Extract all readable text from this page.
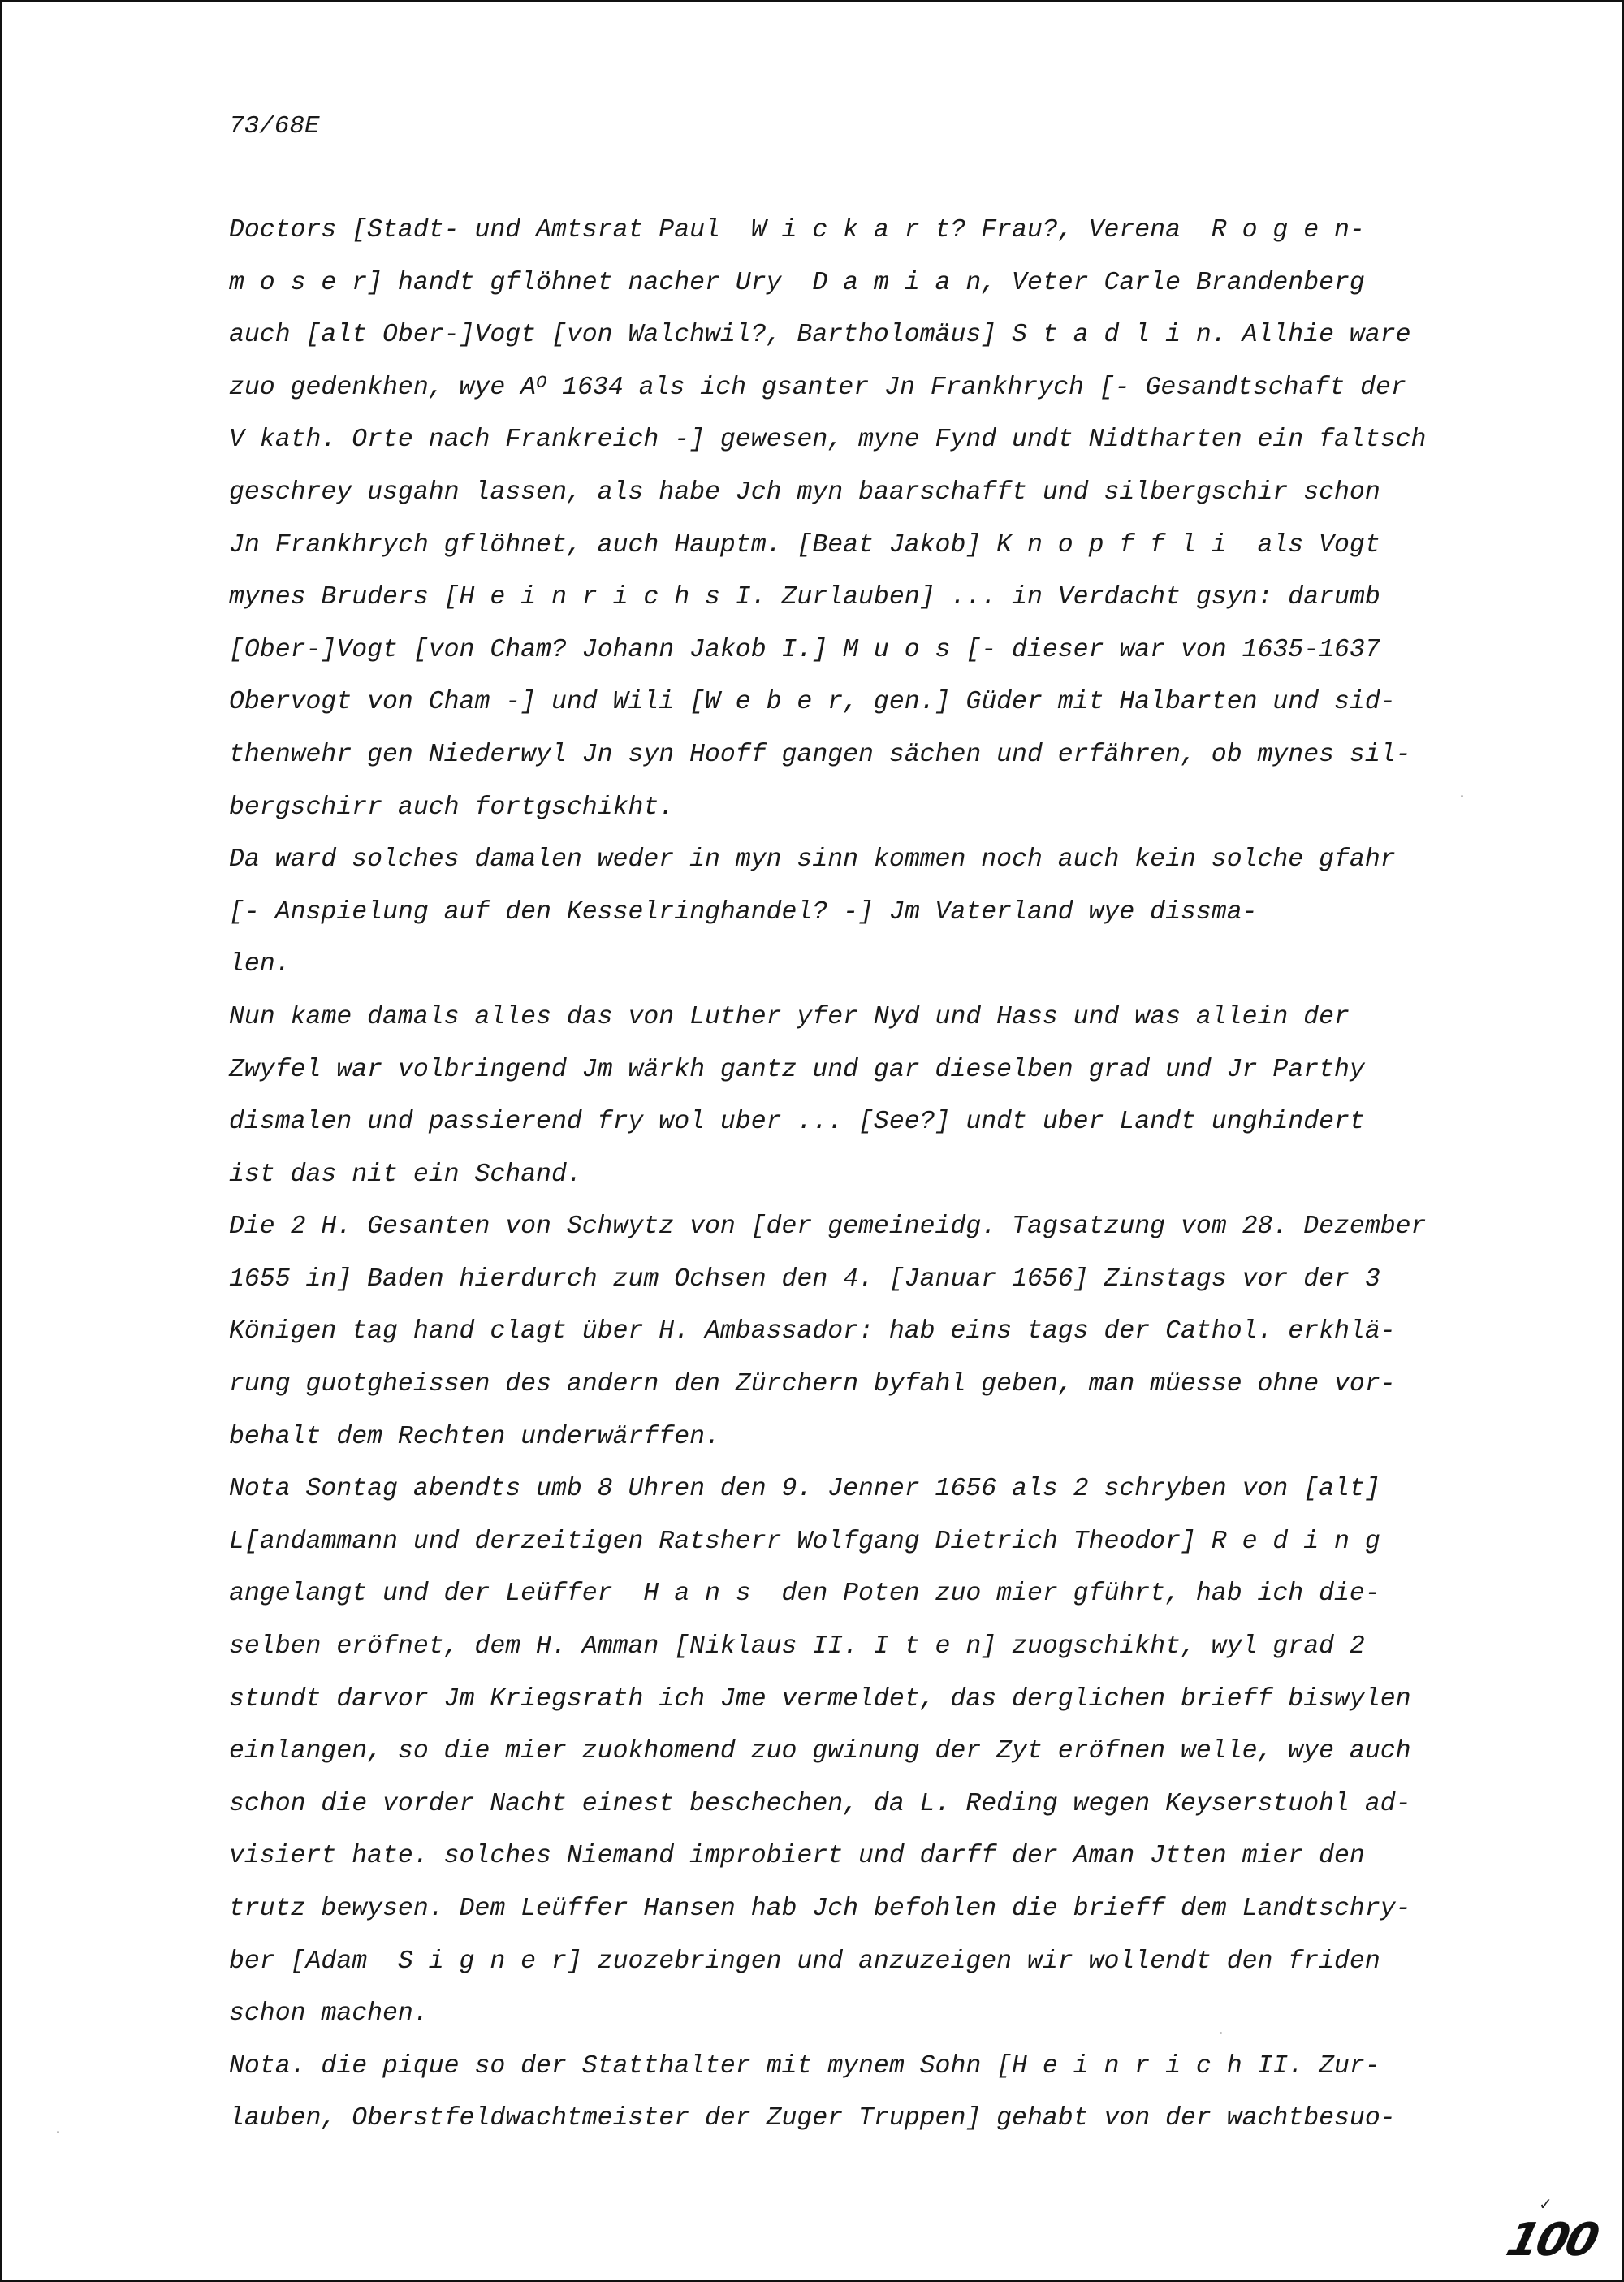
73/68E

Doctors [Stadt- und Amtsrat Paul  W i c k a r t? Frau?, Verena  R o g e n-
m o s e r] handt gflöhnet nacher Ury  D a m i a n, Veter Carle Brandenberg
auch [alt Ober-]Vogt [von Walchwil?, Bartholomäus] S t a d l i n. Allhie ware
zuo gedenkhen, wye $A^O$ 1634 als ich gsanter Jn Frankhrych [- Gesandtschaft der
V kath. Orte nach Frankreich -] gewesen, myne Fynd undt Nidtharten ein faltsch
geschrey usgahn lassen, als habe Jch myn baarschafft und silbergschir schon
Jn Frankhrych gflöhnet, auch Hauptm. [Beat Jakob] K n o p f f l i  als Vogt
mynes Bruders [H e i n r i c h s I. Zurlauben] ... in Verdacht gsyn: darumb
[Ober-]Vogt [von Cham? Johann Jakob I.] M u o s [- dieser war von 1635-1637
Obervogt von Cham -] und Wili [W e b e r, gen.] Güder mit Halbarten und sid-
thenwehr gen Niederwyl Jn syn Hooff gangen sächen und erfähren, ob mynes sil-
bergschirr auch fortgschikht.
Da ward solches damalen weder in myn sinn kommen noch auch kein solche gfahr
[- Anspielung auf den Kesselringhandel? -] Jm Vaterland wye dissma-
len.
Nun kame damals alles das von Luther yfer Nyd und Hass und was allein der
Zwyfel war volbringend Jm wärkh gantz und gar dieselben grad und Jr Parthy
dismalen und passierend fry wol uber ... [See?] undt uber Landt unghindert
ist das nit ein Schand.
Die 2 H. Gesanten von Schwytz von [der gemeineidg. Tagsatzung vom 28. Dezember
1655 in] Baden hierdurch zum Ochsen den 4. [Januar 1656] Zinstags vor der 3
Königen tag hand clagt über H. Ambassador: hab eins tags der Cathol. erkhlä-
rung guotgheissen des andern den Zürchern byfahl geben, man müesse ohne vor-
behalt dem Rechten underwärffen.
Nota Sontag abendts umb 8 Uhren den 9. Jenner 1656 als 2 schryben von [alt]
L[andammann und derzeitigen Ratsherr Wolfgang Dietrich Theodor] R e d i n g
angelangt und der Leüffer  H a n s  den Poten zuo mier gführt, hab ich die-
selben eröfnet, dem H. Amman [Niklaus II. I t e n] zuogschikht, wyl grad 2
stundt darvor Jm Kriegsrath ich Jme vermeldet, das derglichen brieff biswylen
einlangen, so die mier zuokhomend zuo gwinung der Zyt eröfnen welle, wye auch
schon die vorder Nacht einest beschechen, da L. Reding wegen Keyserstuohl ad-
visiert hate. solches Niemand improbiert und darff der Aman Jtten mier den
trutz bewysen. Dem Leüffer Hansen hab Jch befohlen die brieff dem Landtschry-
ber [Adam  S i g n e r] zuozebringen und anzuzeigen wir wollendt den friden
schon machen.
Nota. die pique so der Statthalter mit mynem Sohn [H e i n r i c h II. Zur-
lauben, Oberstfeldwachtmeister der Zuger Truppen] gehabt von der wachtbesuo-
✓
100
